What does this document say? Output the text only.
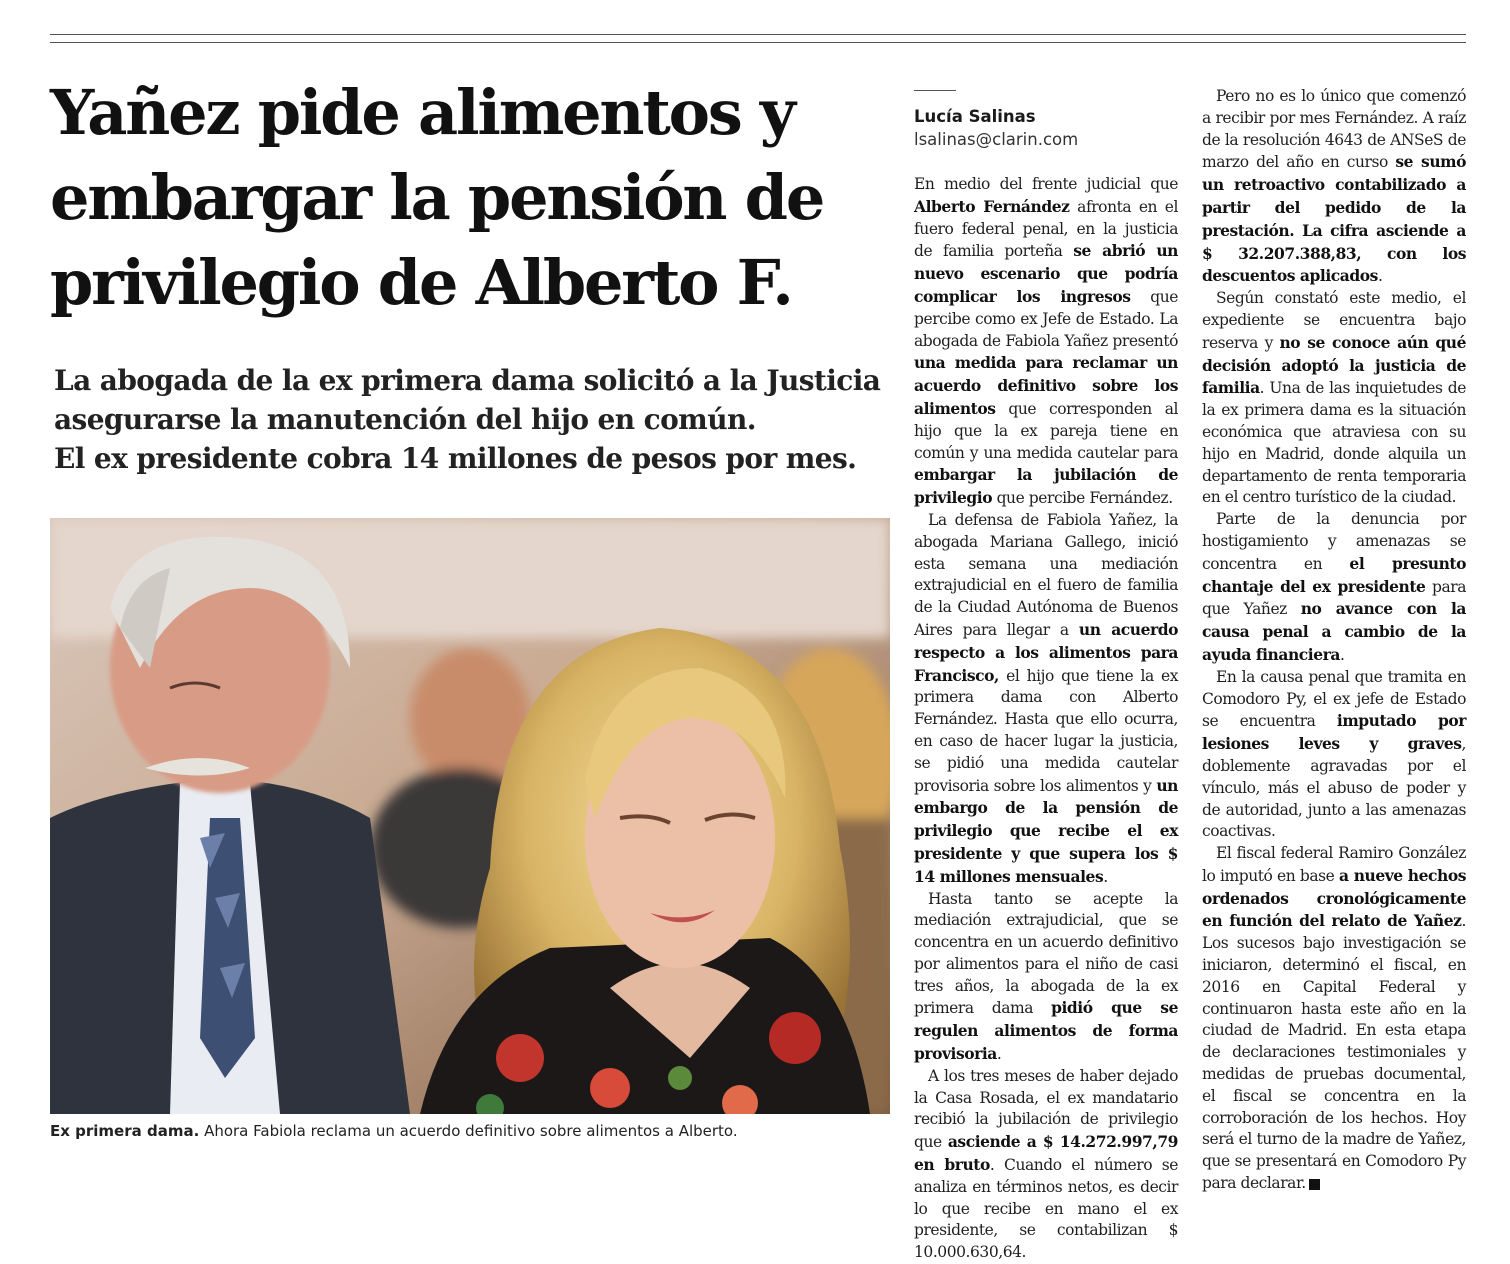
Yañez pide alimentos y
embargar la pensión de
privilegio de Alberto F.
La abogada de la ex primera dama solicitó a la Justicia
asegurarse la manutención del hijo en común.
El ex presidente cobra 14 millones de pesos por mes.
Ex primera dama. Ahora Fabiola reclama un acuerdo definitivo sobre alimentos a Alberto.
Lucía Salinas
lsalinas@clarin.com

En medio del frente judicial que Alberto Fernández afronta en el fuero federal penal, en la justicia de familia porteña se abrió un nuevo escenario que podría complicar los ingresos que percibe como ex Jefe de Estado. La abogada de Fabiola Yañez presentó una medida para reclamar un acuerdo definitivo sobre los alimentos que corresponden al hijo que la ex pareja tiene en común y una medida cautelar para embargar la jubilación de privilegio que percibe Fernández.

La defensa de Fabiola Yañez, la abogada Mariana Gallego, inició esta semana una mediación extrajudicial en el fuero de familia de la Ciudad Autónoma de Buenos Aires para llegar a un acuerdo respecto a los alimentos para Francisco, el hijo que tiene la ex primera dama con Alberto Fernández. Hasta que ello ocurra, en caso de hacer lugar la justicia, se pidió una medida cautelar provisoria sobre los alimentos y un embargo de la pensión de privilegio que recibe el ex presidente y que supera los $ 14 millones mensuales.

Hasta tanto se acepte la mediación extrajudicial, que se concentra en un acuerdo definitivo por alimentos para el niño de casi tres años, la abogada de la ex primera dama pidió que se regulen alimentos de forma provisoria.

A los tres meses de haber dejado la Casa Rosada, el ex mandatario recibió la jubilación de privilegio que asciende a $ 14.272.997,79 en bruto. Cuando el número se analiza en términos netos, es decir lo que recibe en mano el ex presidente, se contabilizan $ 10.000.630,64.

Pero no es lo único que comenzó a recibir por mes Fernández. A raíz de la resolución 4643 de ANSeS de marzo del año en curso se sumó un retroactivo contabilizado a partir del pedido de la prestación. La cifra asciende a $ 32.207.388,83, con los descuentos aplicados.

Según constató este medio, el expediente se encuentra bajo reserva y no se conoce aún qué decisión adoptó la justicia de familia. Una de las inquietudes de la ex primera dama es la situación económica que atraviesa con su hijo en Madrid, donde alquila un departamento de renta temporaria en el centro turístico de la ciudad.

Parte de la denuncia por hostigamiento y amenazas se concentra en el presunto chantaje del ex presidente para que Yañez no avance con la causa penal a cambio de la ayuda financiera.

En la causa penal que tramita en Comodoro Py, el ex jefe de Estado se encuentra imputado por lesiones leves y graves, doblemente agravadas por el vínculo, más el abuso de poder y de autoridad, junto a las amenazas coactivas.

El fiscal federal Ramiro González lo imputó en base a nueve hechos ordenados cronológicamente en función del relato de Yañez. Los sucesos bajo investigación se iniciaron, determinó el fiscal, en 2016 en Capital Federal y continuaron hasta este año en la ciudad de Madrid. En esta etapa de declaraciones testimoniales y medidas de pruebas documental, el fiscal se concentra en la corroboración de los hechos. Hoy será el turno de la madre de Yañez, que se presentará en Comodoro Py para declarar.
